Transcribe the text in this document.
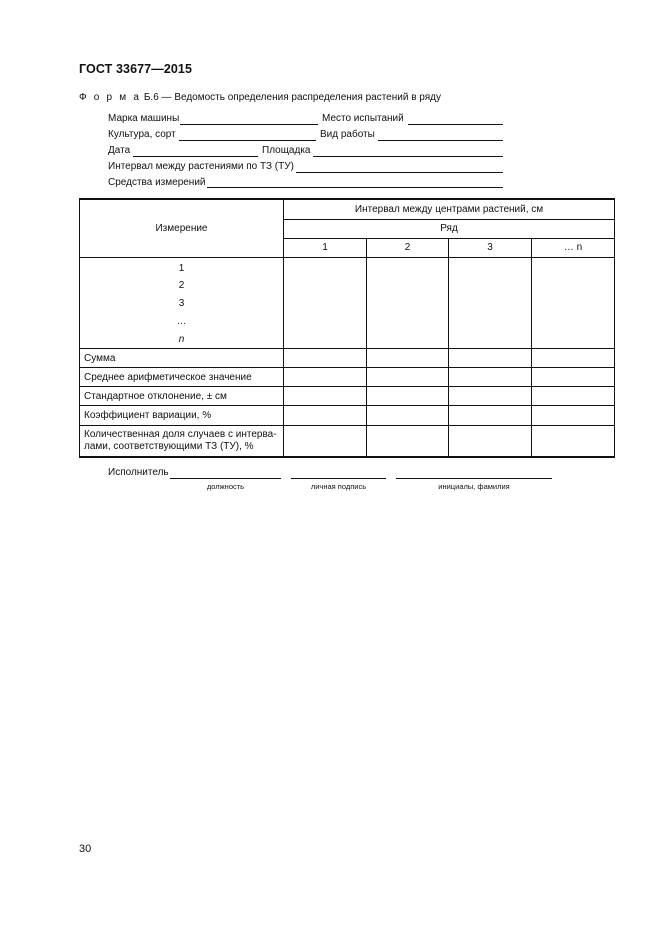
ГОСТ 33677—2015
Ф о р м а Б.6 — Ведомость определения распределения растений в ряду
Марка машины	Место испытаний
Культура, сорт	Вид работы
Дата	Площадка
Интервал между растениями по ТЗ (ТУ)
Средства измерений
Измерение	Интервал между центрами растений, см			
	Ряд			
	1	2	3	… n

1
2
3
…
n				

Сумма				
Среднее арифметическое значение				
Стандартное отклонение, ± см				
Коэффициент вариации, %				

Количественная доля случаев с интерва-
лами, соответствующими ТЗ (ТУ), %				

Исполнитель
должность	личная подпись	инициалы, фамилия
30
